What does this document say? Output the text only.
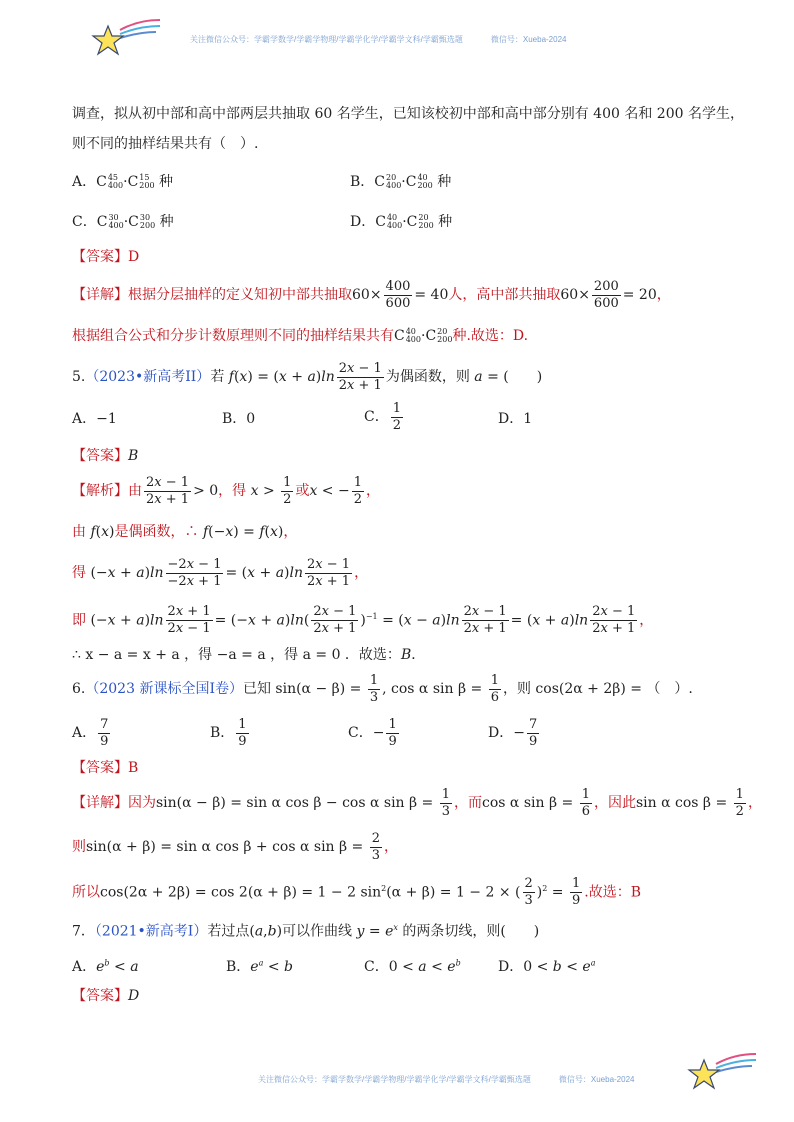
关注微信公众号：学霸学数学/学霸学物理/学霸学化学/学霸学文科/学霸甄选题	微信号：Xueba-2024
调查，拟从初中部和高中部两层共抽取 60 名学生，已知该校初中部和高中部分别有 400 名和 200 名学生，
则不同的抽样结果共有（　）.
A．C 45
400 ·C 15
200 种	B．C 20
400 ·C 40
200 种
C．C 30
400 ·C 30
200 种	D．C 40
400 ·C 20
200 种
【答案】D
【详解】根据分层抽样的定义知初中部共抽取$60\times \frac{400}{600} = 40$人，高中部共抽取$60\times \frac{200}{600} = 20$，
根据组合公式和分步计数原理则不同的抽样结果共有C 40
400 ·C 20
200 种.故选：D.
5.（2023•新高考II）若 $f(x) = (x + a)\ln \frac{2x - 1}{2x + 1}$ 为偶函数，则 a = (　　)
A．−1	B．0	C． $\frac{1}{2}$	D．1
【答案】B
【解析】由 $\frac{2x - 1}{2x + 1} > 0$，得 $x > \frac{1}{2}$ 或x < − $\frac{1}{2}$ ，
由 f(x)是偶函数，∴ f(−x) = f(x)，
得 $(-x + a)\ln \frac{-2x - 1}{-2x + 1} = (x + a)\ln \frac{2x - 1}{2x + 1}$ ，
即 $(-x + a)\ln \frac{2x + 1}{2x - 1} = (-x + a)\ln( \frac{2x - 1}{2x + 1} )^{-1} = (x - a)\ln \frac{2x - 1}{2x + 1} = (x + a)\ln \frac{2x - 1}{2x + 1}$ ，
∴ x − a = x + a ，得 −a = a ，得 a = 0 ．故选：B．
6.（2023 新课标全国Ⅰ卷）已知 $\sin(\alpha - \beta) = \frac{1}{3}$ , cos α $\sin \beta = \frac{1}{6}$ ，则 cos(2α + 2β) = （　）.
A． $\frac{7}{9}$	B． $\frac{1}{9}$	C．− $\frac{1}{9}$	D．− $\frac{7}{9}$
【答案】B
【详解】因为sin(α − β) = sin α cos β − cos α $\sin \beta = \frac{1}{3}$ ，而cos α $\sin \beta = \frac{1}{6}$ ，因此sin α $\cos \beta = \frac{1}{2}$ ，
则sin(α + β) = sin α cos β + cos α $\sin \beta = \frac{2}{3}$ ，
所以cos(2α + 2β) = cos 2(α + β) = 1 − 2 $\sin^2(\alpha + \beta) = 1 - 2$ × ( $\frac{2}{3} )^2 = \frac{1}{9}$ .故选：B
7．（2021•新高考Ⅰ）若过点(a,b)可以作曲线 $y = e^x$ 的两条切线，则(　　)
A．$e^b < a$	B．$e^a < b$	C．$0 < a < e^b$	D．$0 < b < e^a$
【答案】D
关注微信公众号：学霸学数学/学霸学物理/学霸学化学/学霸学文科/学霸甄选题	微信号：Xueba-2024
